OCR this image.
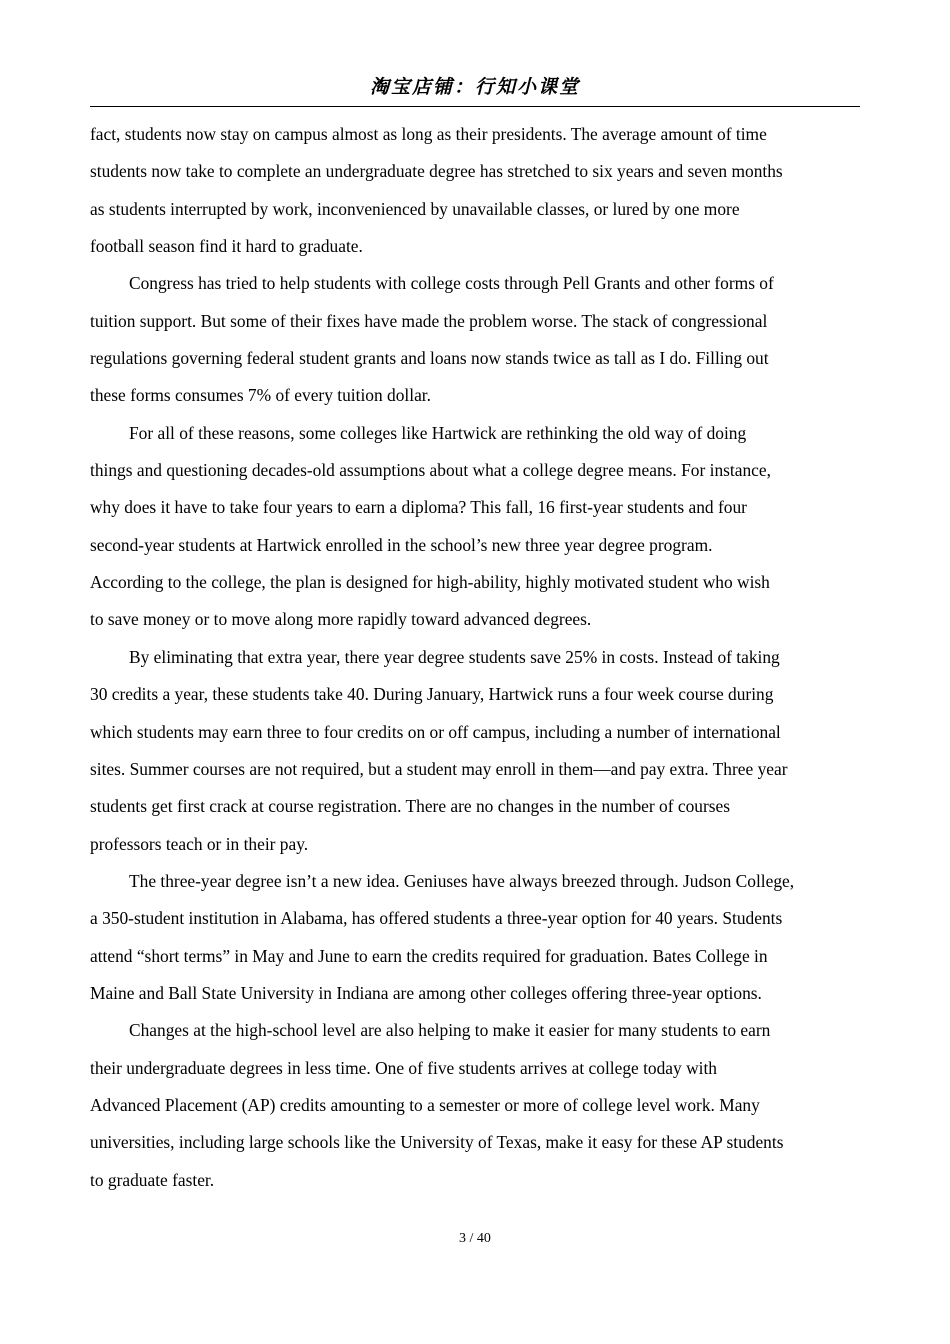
淘宝店铺：行知小课堂

fact, students now stay on campus almost as long as their presidents. The average amount of time
students now take to complete an undergraduate degree has stretched to six years and seven months
as students interrupted by work, inconvenienced by unavailable classes, or lured by one more
football season find it hard to graduate.

Congress has tried to help students with college costs through Pell Grants and other forms of
tuition support. But some of their fixes have made the problem worse. The stack of congressional
regulations governing federal student grants and loans now stands twice as tall as I do. Filling out
these forms consumes 7% of every tuition dollar.

For all of these reasons, some colleges like Hartwick are rethinking the old way of doing
things and questioning decades-old assumptions about what a college degree means. For instance,
why does it have to take four years to earn a diploma? This fall, 16 first-year students and four
second-year students at Hartwick enrolled in the school’s new three year degree program.
According to the college, the plan is designed for high-ability, highly motivated student who wish
to save money or to move along more rapidly toward advanced degrees.

By eliminating that extra year, there year degree students save 25% in costs. Instead of taking
30 credits a year, these students take 40. During January, Hartwick runs a four week course during
which students may earn three to four credits on or off campus, including a number of international
sites. Summer courses are not required, but a student may enroll in them—and pay extra. Three year
students get first crack at course registration. There are no changes in the number of courses
professors teach or in their pay.

The three-year degree isn’t a new idea. Geniuses have always breezed through. Judson College,
a 350-student institution in Alabama, has offered students a three-year option for 40 years. Students
attend “short terms” in May and June to earn the credits required for graduation. Bates College in
Maine and Ball State University in Indiana are among other colleges offering three-year options.

Changes at the high-school level are also helping to make it easier for many students to earn
their undergraduate degrees in less time. One of five students arrives at college today with
Advanced Placement (AP) credits amounting to a semester or more of college level work. Many
universities, including large schools like the University of Texas, make it easy for these AP students
to graduate faster.

3 / 40
